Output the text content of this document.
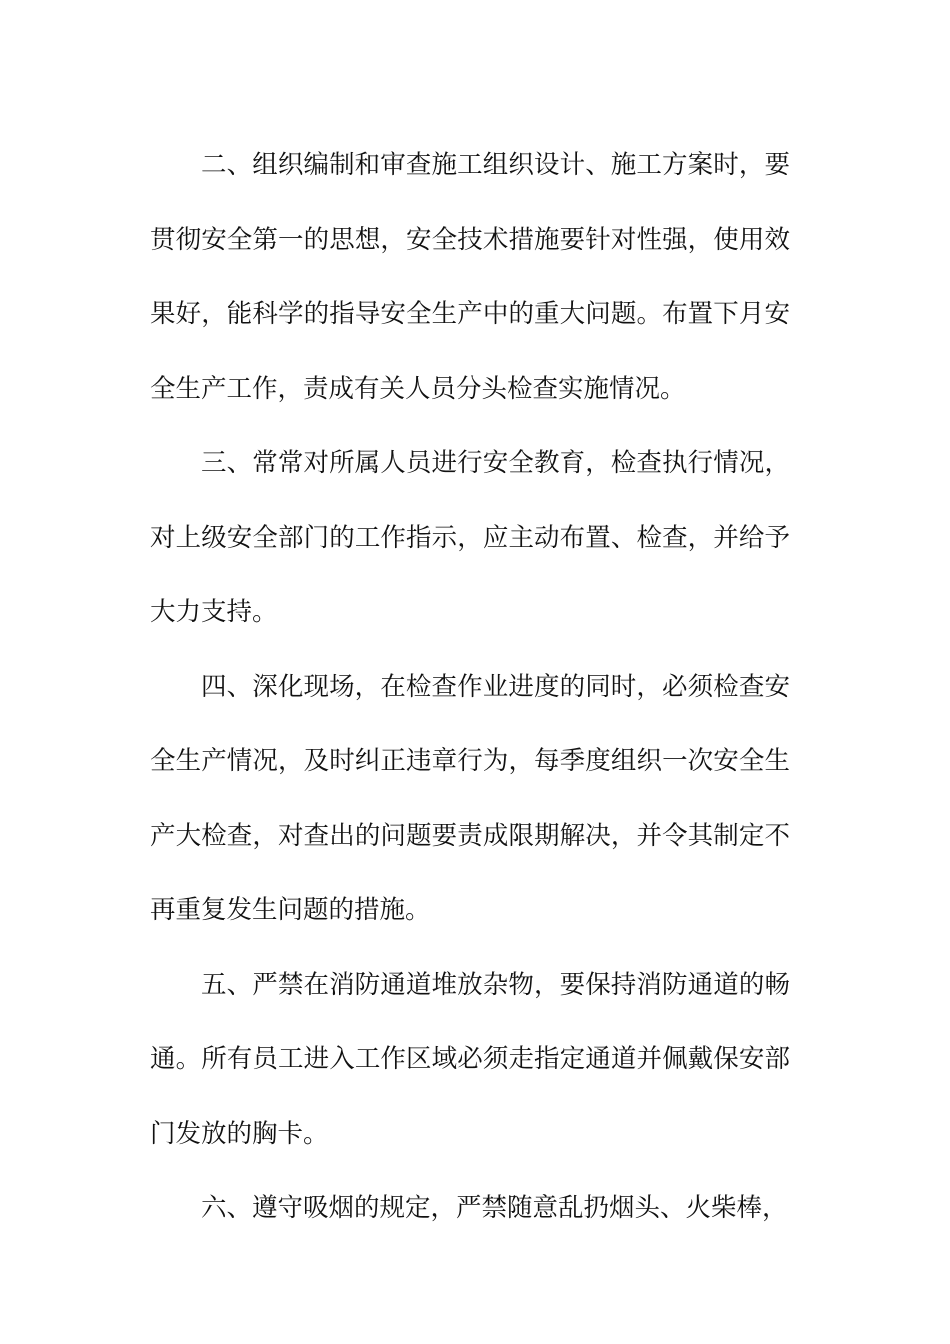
二、组织编制和审查施工组织设计、施工方案时，要贯彻安全第一的思想，安全技术措施要针对性强，使用效果好，能科学的指导安全生产中的重大问题。布置下月安全生产工作，责成有关人员分头检查实施情况。

三、常常对所属人员进行安全教育，检查执行情况，对上级安全部门的工作指示，应主动布置、检查，并给予大力支持。

四、深化现场，在检查作业进度的同时，必须检查安全生产情况，及时纠正违章行为，每季度组织一次安全生产大检查，对查出的问题要责成限期解决，并令其制定不再重复发生问题的措施。

五、严禁在消防通道堆放杂物，要保持消防通道的畅通。所有员工进入工作区域必须走指定通道并佩戴保安部门发放的胸卡。

六、遵守吸烟的规定，严禁随意乱扔烟头、火柴棒，
